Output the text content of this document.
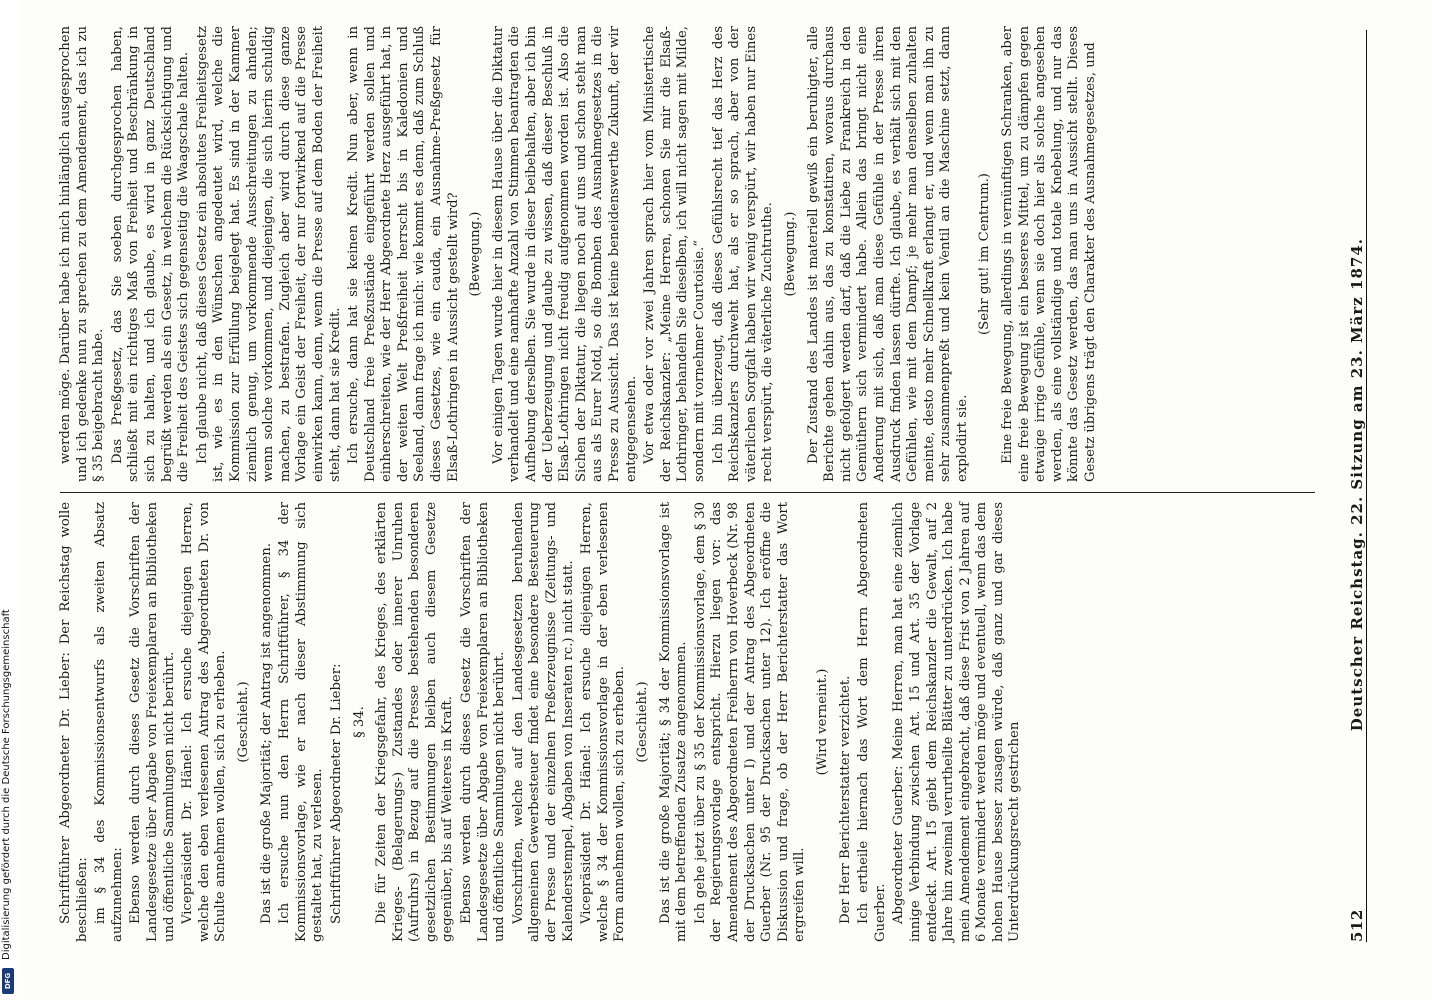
512
Deutscher Reichstag. 22. Sitzung am 23. März 1874.

Schriftführer Abgeordneter Dr. Lieber: Der Reichstag wolle beschließen: im § 34 des Kommissionsentwurfs als zweiten Absatz aufzunehmen: Ebenso werden durch dieses Gesetz die Vorschriften der Landesgesetze über Abgabe von Freiexemplaren an Bibliotheken und öffentliche Sammlungen nicht berührt. Vicepräsident Dr. Hänel: Ich ersuche diejenigen Herren, welche den eben verlesenen Antrag des Abgeordneten Dr. von Schulte annehmen wollen, sich zu erheben. (Geschieht.) Das ist die große Majorität; der Antrag ist angenommen. Ich ersuche nun den Herrn Schriftführer, § 34 der Kommissionsvorlage, wie er nach dieser Abstimmung sich gestaltet hat, zu verlesen. Schriftführer Abgeordneter Dr. Lieber: § 34. Die für Zeiten der Kriegsgefahr, des Krieges, des erklärten Krieges- (Belagerungs-) Zustandes oder innerer Unruhen (Aufruhrs) in Bezug auf die Presse bestehenden besonderen gesetzlichen Bestimmungen bleiben auch diesem Gesetze gegenüber, bis auf Weiteres in Kraft. Ebenso werden durch dieses Gesetz die Vorschriften der Landesgesetze über Abgabe von Freiexemplaren an Bibliotheken und öffentliche Sammlungen nicht berührt. Vorschriften, welche auf den Landesgesetzen beruhenden allgemeinen Gewerbesteuer findet eine besondere Besteuerung der Presse und der einzelnen Preßerzeugnisse (Zeitungs- und Kalenderstempel, Abgaben von Inseraten rc.) nicht statt. Vicepräsident Dr. Hänel: Ich ersuche diejenigen Herren, welche § 34 der Kommissionsvorlage in der eben verlesenen Form annehmen wollen, sich zu erheben. (Geschieht.) Das ist die große Majorität; § 34 der Kommissionsvorlage ist mit dem betreffenden Zusatze angenommen. Ich gehe jetzt über zu § 35 der Kommissionsvorlage, dem § 30 der Regierungsvorlage entspricht. Hierzu liegen vor: das Amendement des Abgeordneten Freiherrn von Hoverbeck (Nr. 98 der Drucksachen unter I) und der Antrag des Abgeordneten Guerber (Nr. 95 der Drucksachen unter 12). Ich eröffne die Diskussion und frage, ob der Herr Berichterstatter das Wort ergreifen will.

(Wird verneint.) Der Herr Berichterstatter verzichtet. Ich ertheile hiernach das Wort dem Herrn Abgeordneten Guerber. Abgeordneter Guerber: Meine Herren, man hat eine ziemlich innige Verbindung zwischen Art. 15 und Art. 35 der Vorlage entdeckt. Art. 15 giebt dem Reichskanzler die Gewalt, auf 2 Jahre hin zweimal verurtheilte Blätter zu unterdrücken. Ich habe mein Amendement eingebracht, daß diese Frist von 2 Jahren auf 6 Monate vermindert werden möge und eventuell, wenn das dem hohen Hause besser zusagen würde, daß ganz und gar dieses Unterdrückungsrecht gestrichen

werden möge. Darüber habe ich mich hinlänglich ausgesprochen und ich gedenke nun zu sprechen zu dem Amendement, das ich zu § 35 beigebracht habe. Das Preßgesetz, das Sie soeben durchgesprochen haben, schließt mit ein richtiges Maß von Freiheit und Beschränkung in sich zu halten, und ich glaube, es wird in ganz Deutschland begrüßt werden als ein Gesetz, in welchem die Rücksichtigung und die Freiheit des Geistes sich gegenseitig die Waagschale halten. Ich glaube nicht, daß dieses Gesetz ein absolutes Freiheitsgesetz ist, wie es in den Wünschen angedeutet wird, welche die Kommission zur Erfüllung beigelegt hat. Es sind in der Kammer ziemlich genug, um vorkommende Ausschreitungen zu ahnden; wenn solche vorkommen, und diejenigen, die sich hierin schuldig machen, zu bestrafen. Zugleich aber wird durch diese ganze Vorlage ein Geist der Freiheit, der nur fortwirkend auf die Presse einwirken kann, denn, wenn die Presse auf dem Boden der Freiheit steht, dann hat sie Kredit. Ich ersuche, dann hat sie keinen Kredit. Nun aber, wenn in Deutschland freie Preßzustände eingeführt werden sollen und einherschreiten, wie der Herr Abgeordnete Herz ausgeführt hat, in der weiten Welt Preßfreiheit herrscht bis in Kaledonien und Seeland, dann frage ich mich: wie kommt es denn, daß zum Schluß dieses Gesetzes, wie ein cauda, ein Ausnahme-Preßgesetz für Elsaß-Lothringen in Aussicht gestellt wird? (Bewegung.) Vor einigen Tagen wurde hier in diesem Hause über die Diktatur verhandelt und eine namhafte Anzahl von Stimmen beantragten die Aufhebung derselben. Sie wurde in dieser beibehalten, aber ich bin der Ueberzeugung und glaube zu wissen, daß dieser Beschluß in Elsaß-Lothringen nicht freudig aufgenommen worden ist. Also die Sichen der Diktatur, die liegen noch auf uns und schon steht man aus als Eurer Notd, so die Bomben des Ausnahmegesetzes in die Presse zu Aussicht. Das ist keine beneidenswerthe Zukunft, der wir entgegensehen. Vor etwa oder vor zwei Jahren sprach hier vom Ministertische der Reichskanzler: „Meine Herren, schonen Sie mir die Elsaß-Lothringer, behandeln Sie dieselben, ich will nicht sagen mit Milde, sondern mit vornehmer Courtoisie.“ Ich bin überzeugt, daß dieses Gefühlsrecht tief das Herz des Reichskanzlers durchweht hat, als er so sprach, aber von der väterlichen Sorgfalt haben wir wenig verspürt, wir haben nur Eines recht verspürt, die väterliche Zuchtruthe. (Bewegung.) Der Zustand des Landes ist materiell gewiß ein beruhigter, alle Berichte gehen dahin aus, das zu konstatiren, woraus durchaus nicht gefolgert werden darf, daß die Liebe zu Frankreich in den Gemüthern sich vermindert habe. Allein das bringt nicht eine Anderung mit sich, daß man diese Gefühle in der Presse ihren Ausdruck finden lassen dürfte. Ich glaube, es verhält sich mit den Gefühlen, wie mit dem Dampf; je mehr man denselben zuhalten meinte, desto mehr Schnellkraft erlangt er, und wenn man ihn zu sehr zusammenpreßt und kein Ventil an die Maschine setzt, dann explodirt sie.

(Sehr gut! im Centrum.) Eine freie Bewegung, allerdings in vernünftigen Schranken, aber eine freie Bewegung ist ein besseres Mittel, um zu dämpfen gegen etwaige irrige Gefühle, wenn sie doch hier als solche angesehen werden, als eine vollständige und totale Knebelung, und nur das könnte das Gesetz werden, das man uns in Aussicht stellt. Dieses Gesetz übrigens trägt den Charakter des Ausnahmegesetzes, und

Digitalisierung gefördert durch die Deutsche Forschungsgemeinschaft
DFG
